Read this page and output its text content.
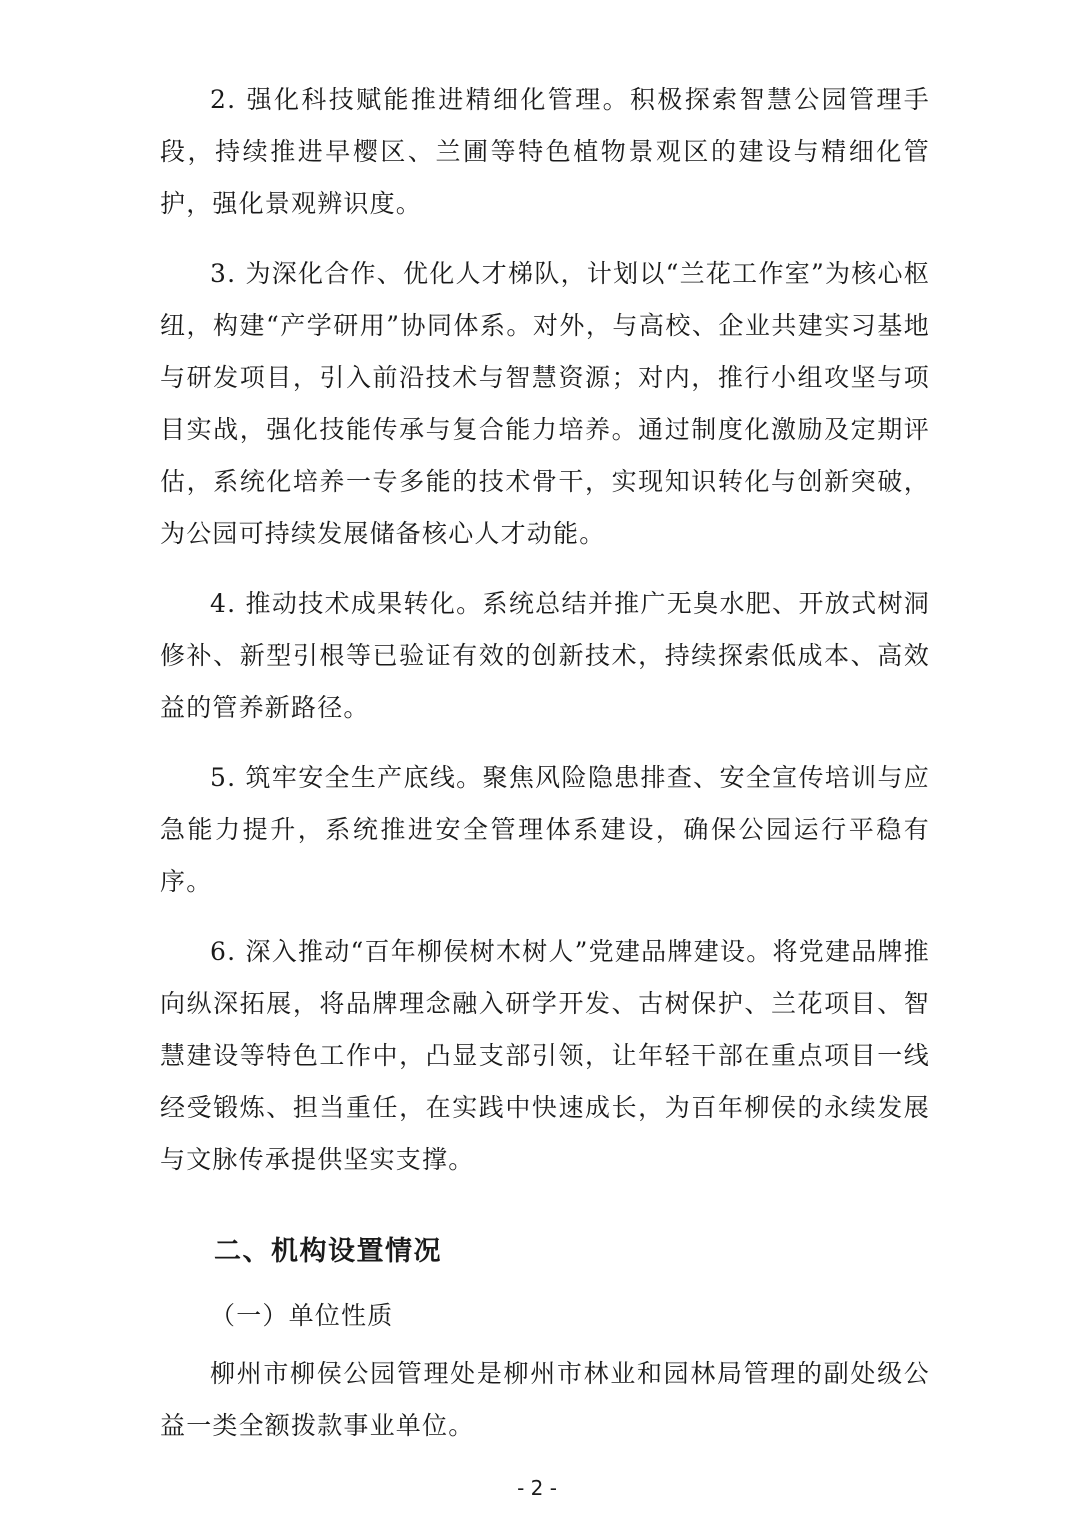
2. 强化科技赋能推进精细化管理。积极探索智慧公园管理手段，持续推进早樱区、兰圃等特色植物景观区的建设与精细化管护，强化景观辨识度。

3. 为深化合作、优化人才梯队，计划以“兰花工作室”为核心枢纽，构建“产学研用”协同体系。对外，与高校、企业共建实习基地与研发项目，引入前沿技术与智慧资源；对内，推行小组攻坚与项目实战，强化技能传承与复合能力培养。通过制度化激励及定期评估，系统化培养一专多能的技术骨干，实现知识转化与创新突破，为公园可持续发展储备核心人才动能。

4. 推动技术成果转化。系统总结并推广无臭水肥、开放式树洞修补、新型引根等已验证有效的创新技术，持续探索低成本、高效益的管养新路径。

5. 筑牢安全生产底线。聚焦风险隐患排查、安全宣传培训与应急能力提升，系统推进安全管理体系建设，确保公园运行平稳有序。

6. 深入推动“百年柳侯树木树人”党建品牌建设。将党建品牌推向纵深拓展，将品牌理念融入研学开发、古树保护、兰花项目、智慧建设等特色工作中，凸显支部引领，让年轻干部在重点项目一线经受锻炼、担当重任，在实践中快速成长，为百年柳侯的永续发展与文脉传承提供坚实支撑。

二、机构设置情况

（一）单位性质

柳州市柳侯公园管理处是柳州市林业和园林局管理的副处级公益一类全额拨款事业单位。

- 2 -
